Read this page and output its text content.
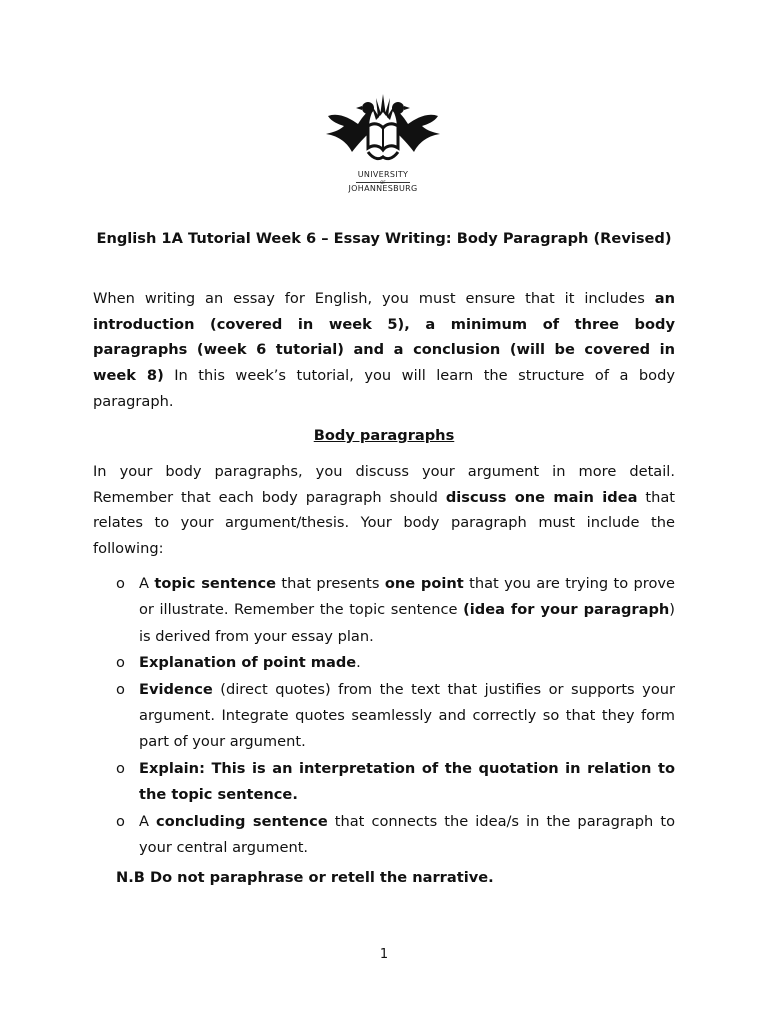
UNIVERSITY
OF
JOHANNESBURG

English 1A Tutorial Week 6 – Essay Writing: Body Paragraph (Revised)

When writing an essay for English, you must ensure that it includes an introduction (covered in week 5), a minimum of three body paragraphs (week 6 tutorial) and a conclusion (will be covered in week 8) In this week’s tutorial, you will learn the structure of a body paragraph.

Body paragraphs

In your body paragraphs, you discuss your argument in more detail. Remember that each body paragraph should discuss one main idea that relates to your argument/thesis. Your body paragraph must include the following:

o A topic sentence that presents one point that you are trying to prove or illustrate. Remember the topic sentence (idea for your paragraph) is derived from your essay plan.
o Explanation of point made.
o Evidence (direct quotes) from the text that justifies or supports your argument. Integrate quotes seamlessly and correctly so that they form part of your argument.
o Explain: This is an interpretation of the quotation in relation to the topic sentence.
o A concluding sentence that connects the idea/s in the paragraph to your central argument.

N.B Do not paraphrase or retell the narrative.

1
